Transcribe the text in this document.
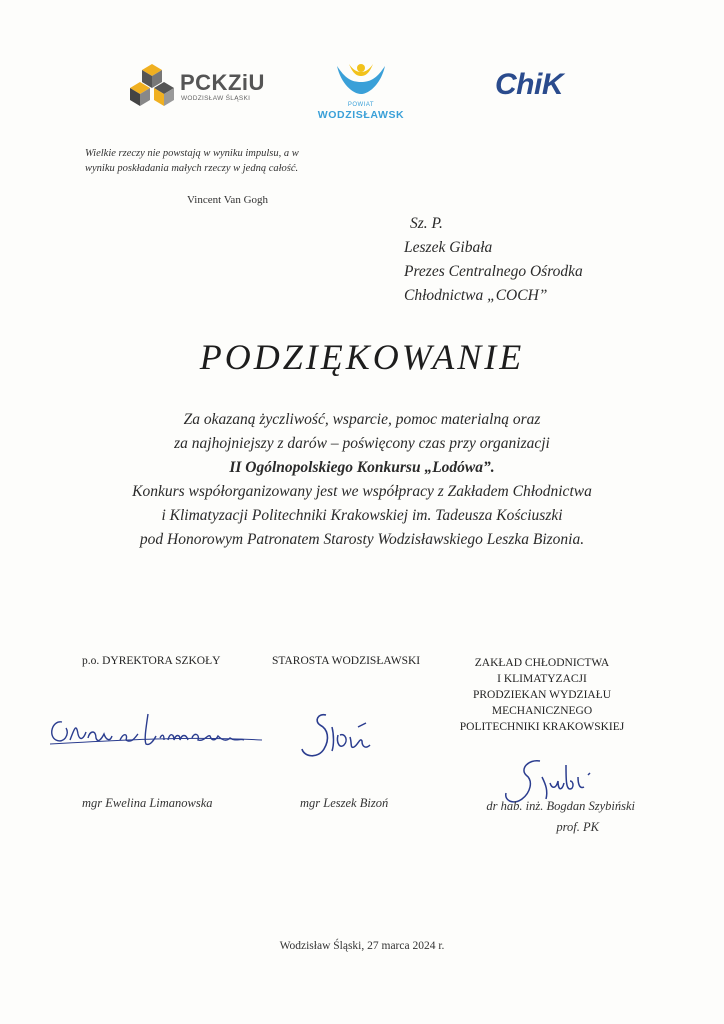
PCKZiU
WODZISŁAW ŚLĄSKI
POWIAT
WODZISŁAWSK
ChiK
Wielkie rzeczy nie powstają w wyniku impulsu, a w wyniku poskładania małych rzeczy w jedną całość.
Vincent Van Gogh
Sz. P.
Leszek Gibała
Prezes Centralnego Ośrodka
Chłodnictwa „COCH”
PODZIĘKOWANIE
Za okazaną życzliwość, wsparcie, pomoc materialną oraz
za najhojniejszy z darów – poświęcony czas przy organizacji
II Ogólnopolskiego Konkursu „Lodówa”.
Konkurs współorganizowany jest we współpracy z Zakładem Chłodnictwa
i Klimatyzacji Politechniki Krakowskiej im. Tadeusza Kościuszki
pod Honorowym Patronatem Starosty Wodzisławskiego Leszka Bizonia.
p.o. DYREKTORA SZKOŁY	STAROSTA WODZISŁAWSKI	ZAKŁAD CHŁODNICTWA
I KLIMATYZACJI
PRODZIEKAN WYDZIAŁU
MECHANICZNEGO
POLITECHNIKI KRAKOWSKIEJ
mgr Ewelina Limanowska	mgr Leszek Bizoń	dr hab. inż. Bogdan Szybiński
prof. PK
Wodzisław Śląski, 27 marca 2024 r.
